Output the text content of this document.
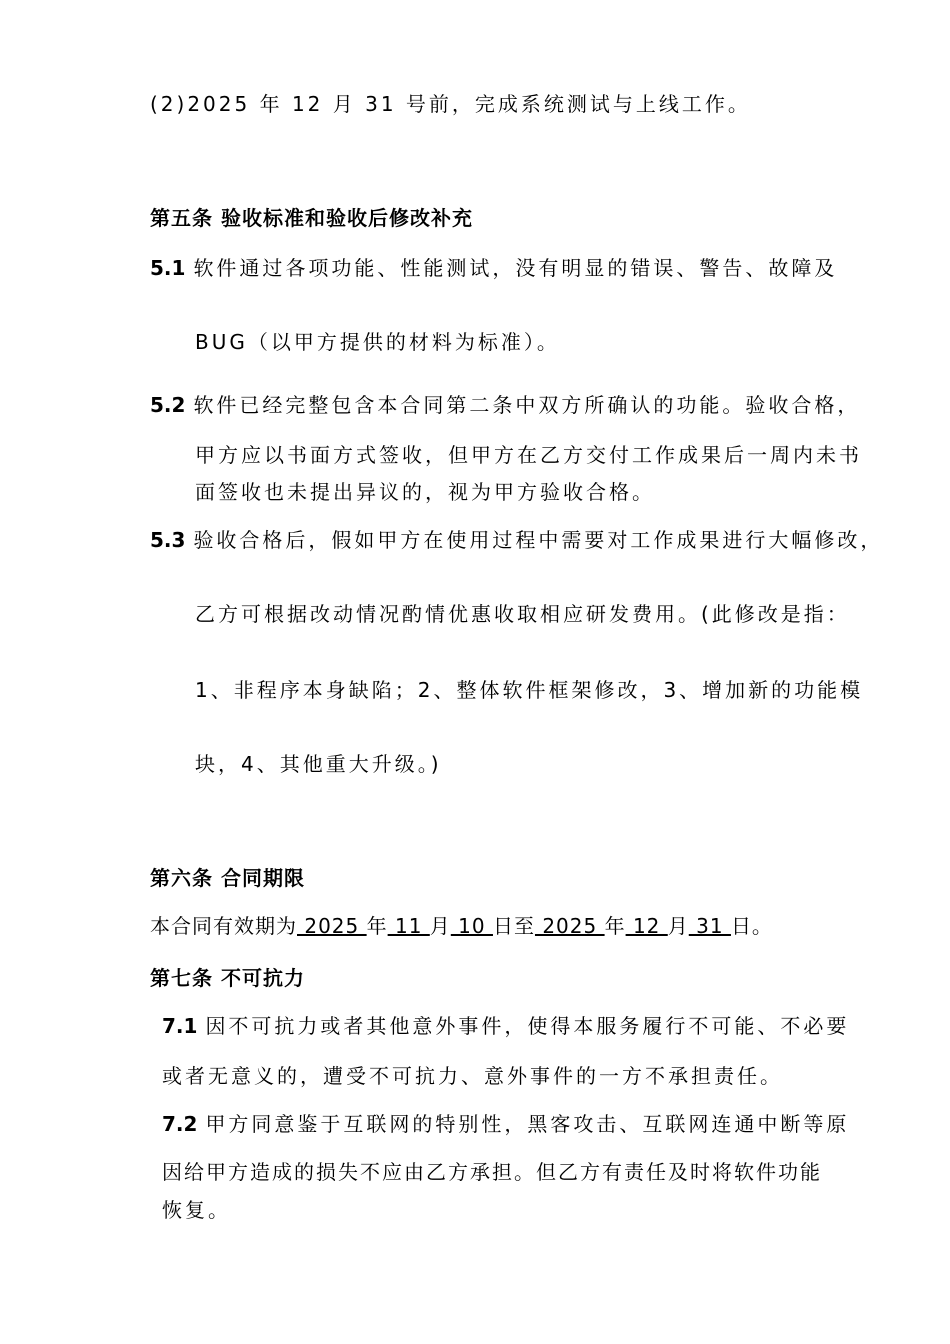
(2)2025 年 12 月 31 号前，完成系统测试与上线工作。
第五条 验收标准和验收后修改补充
5.1 软件通过各项功能、性能测试，没有明显的错误、警告、故障及
BUG（以甲方提供的材料为标准）。
5.2 软件已经完整包含本合同第二条中双方所确认的功能。验收合格，
甲方应以书面方式签收，但甲方在乙方交付工作成果后一周内未书
面签收也未提出异议的，视为甲方验收合格。
5.3 验收合格后，假如甲方在使用过程中需要对工作成果进行大幅修改，
乙方可根据改动情况酌情优惠收取相应研发费用。(此修改是指：
1、非程序本身缺陷；2、整体软件框架修改，3、增加新的功能模
块，4、其他重大升级。)
第六条 合同期限
本合同有效期为 2025 年 11 月 10 日至 2025 年 12 月 31 日。
第七条 不可抗力
7.1 因不可抗力或者其他意外事件，使得本服务履行不可能、不必要
或者无意义的，遭受不可抗力、意外事件的一方不承担责任。
7.2 甲方同意鉴于互联网的特别性，黑客攻击、互联网连通中断等原
因给甲方造成的损失不应由乙方承担。但乙方有责任及时将软件功能
恢复。
